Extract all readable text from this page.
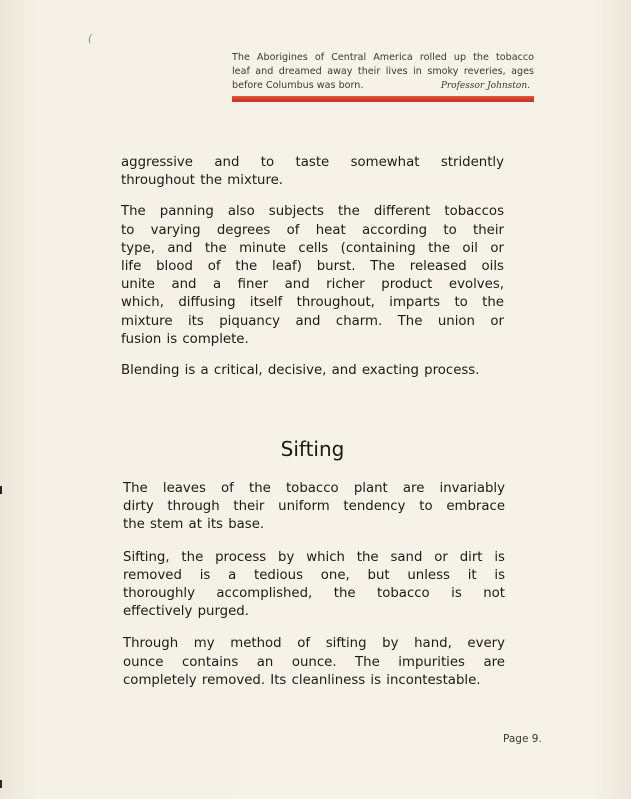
(
The Aborigines of Central America rolled up the tobacco
leaf and dreamed away their lives in smoky reveries, ages
before Columbus was born.	Professor Johnston.

aggressive and to taste somewhat stridently
throughout the mixture.

The panning also subjects the different tobaccos
to varying degrees of heat according to their
type, and the minute cells (containing the oil or
life blood of the leaf) burst. The released oils
unite and a finer and richer product evolves,
which, diffusing itself throughout, imparts to the
mixture its piquancy and charm. The union or
fusion is complete.

Blending is a critical, decisive, and exacting process.

Sifting

The leaves of the tobacco plant are invariably
dirty through their uniform tendency to embrace
the stem at its base.

Sifting, the process by which the sand or dirt is
removed is a tedious one, but unless it is
thoroughly accomplished, the tobacco is not
effectively purged.

Through my method of sifting by hand, every
ounce contains an ounce. The impurities are
completely removed. Its cleanliness is incontestable.

Page 9.
